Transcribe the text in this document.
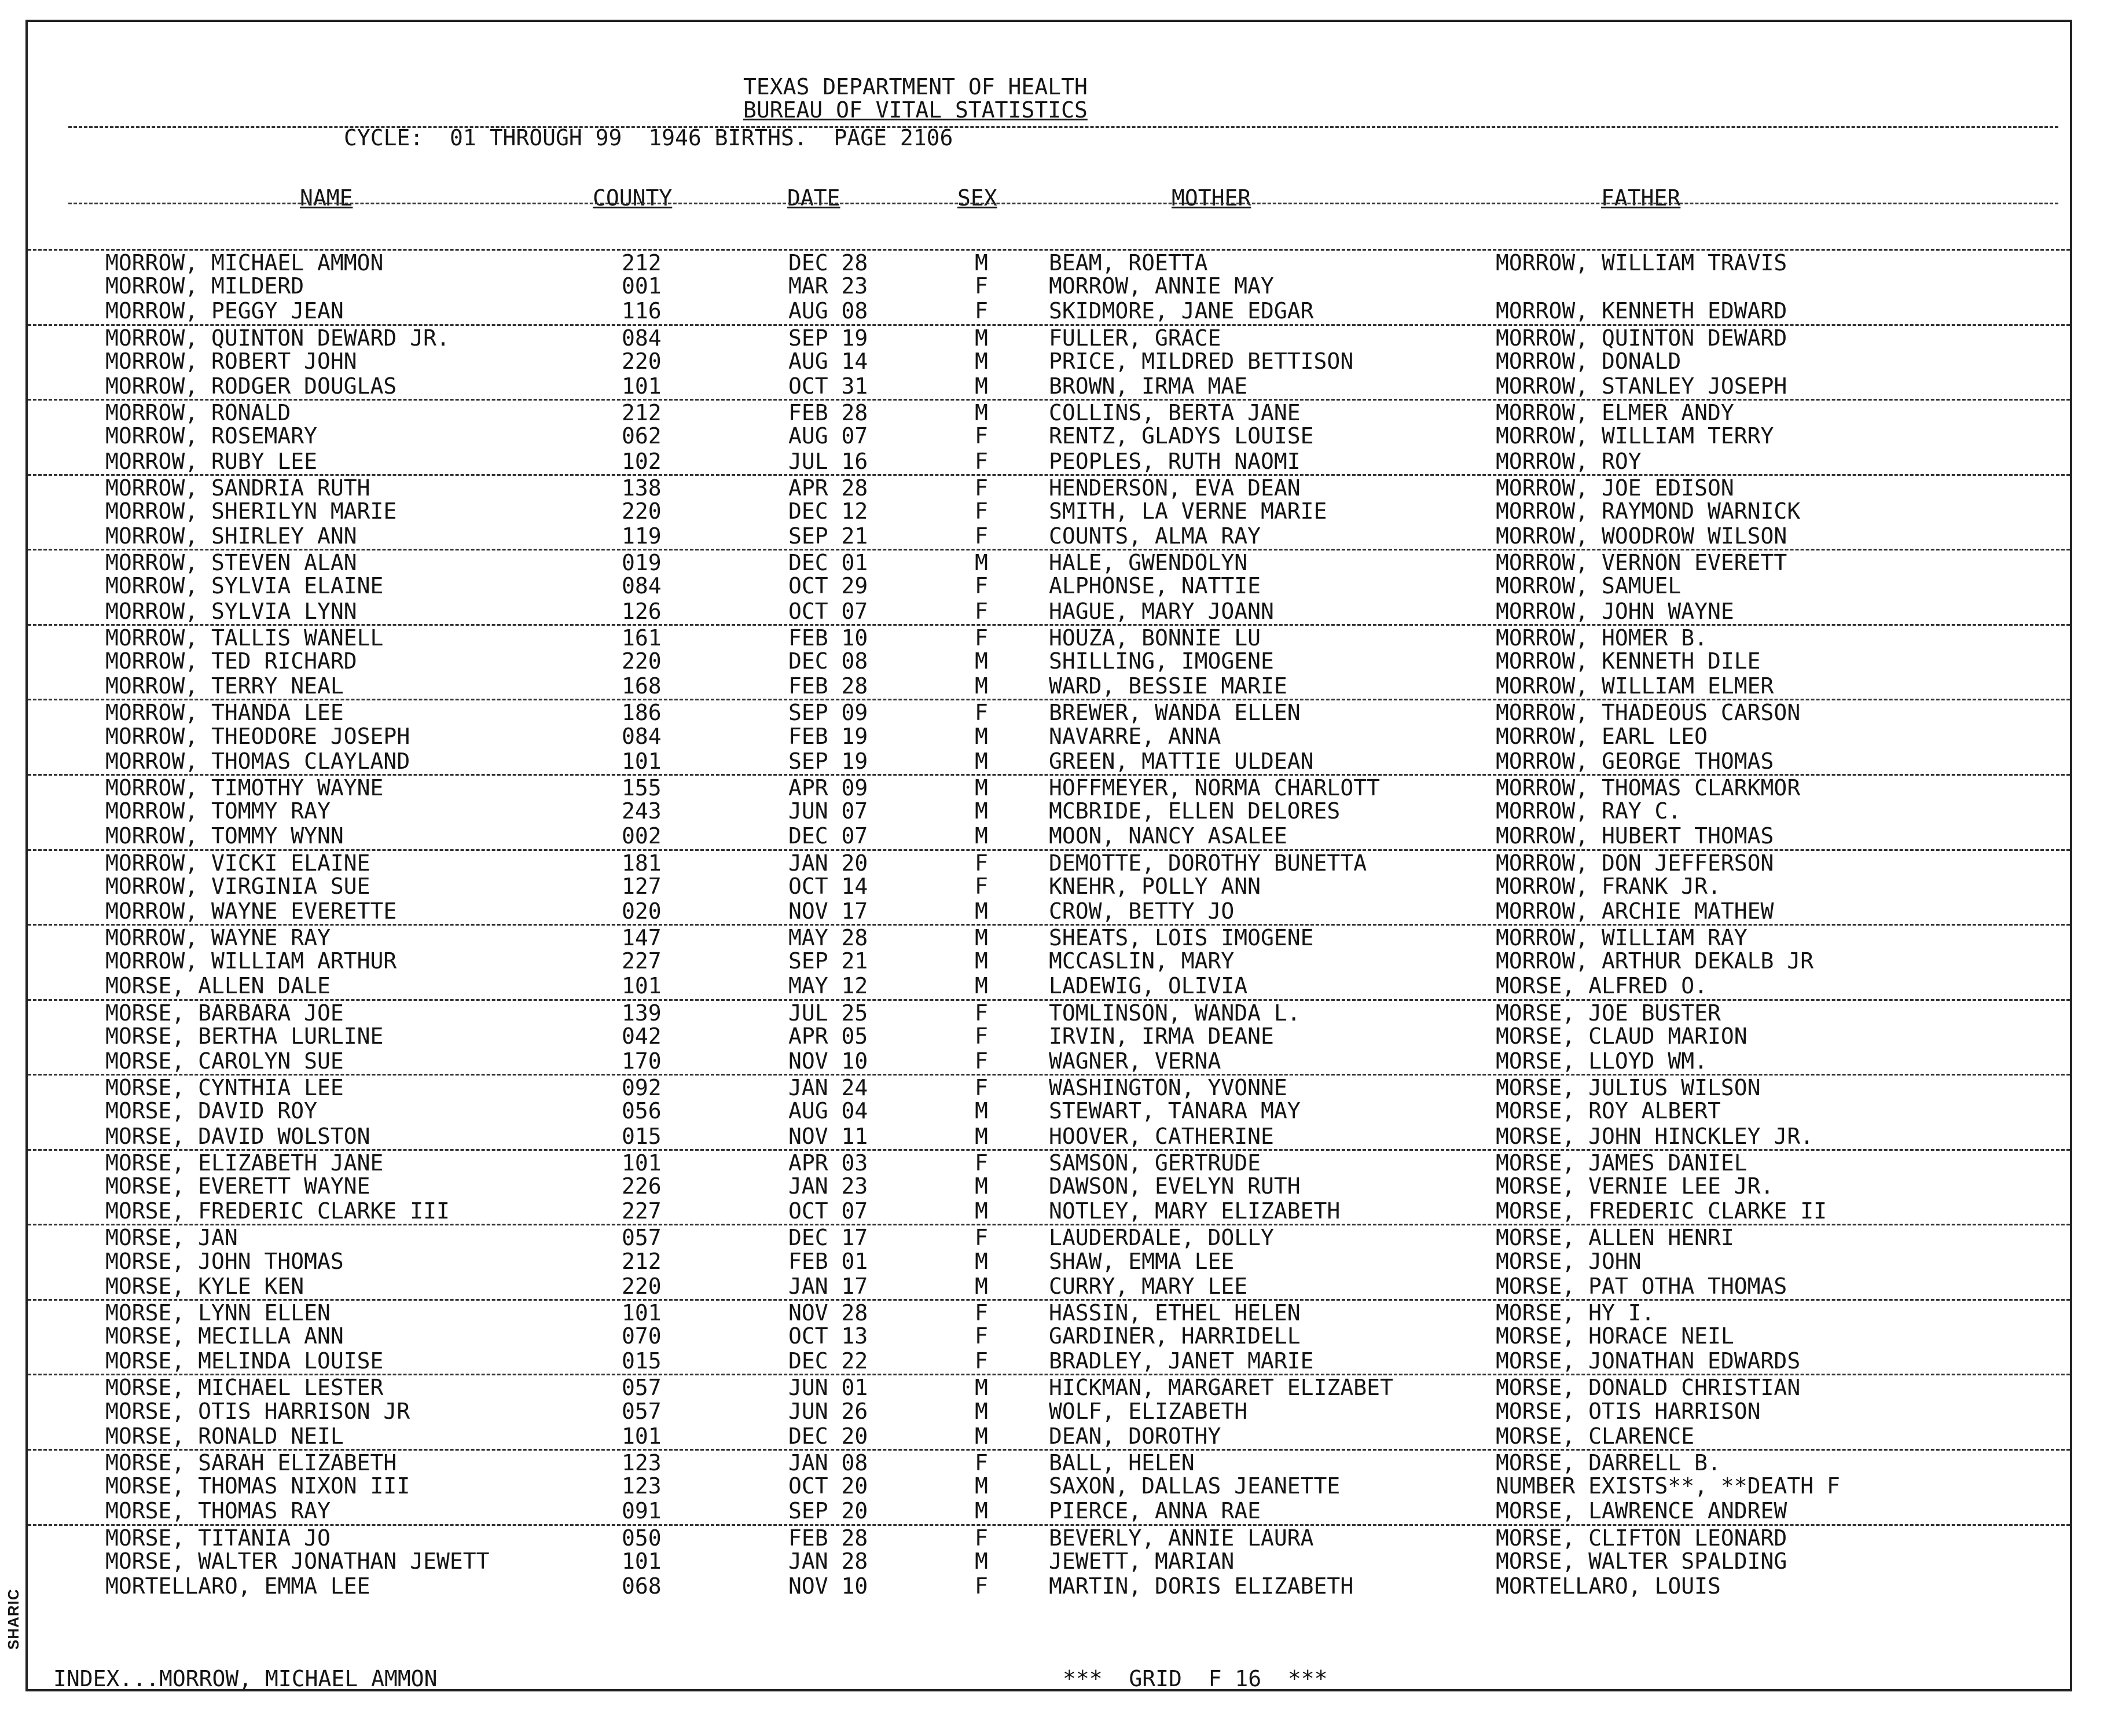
SHARIC
TEXAS DEPARTMENT OF HEALTH
BUREAU OF VITAL STATISTICS
CYCLE:  01 THROUGH 99  1946 BIRTHS.  PAGE 2106
NAME	COUNTY	DATE	SEX	MOTHER	FATHER
MORROW, MICHAEL AMMON	212	DEC 28	M	BEAM, ROETTA	MORROW, WILLIAM TRAVIS
MORROW, MILDERD	001	MAR 23	F	MORROW, ANNIE MAY
MORROW, PEGGY JEAN	116	AUG 08	F	SKIDMORE, JANE EDGAR	MORROW, KENNETH EDWARD
MORROW, QUINTON DEWARD JR.	084	SEP 19	M	FULLER, GRACE	MORROW, QUINTON DEWARD
MORROW, ROBERT JOHN	220	AUG 14	M	PRICE, MILDRED BETTISON	MORROW, DONALD
MORROW, RODGER DOUGLAS	101	OCT 31	M	BROWN, IRMA MAE	MORROW, STANLEY JOSEPH
MORROW, RONALD	212	FEB 28	M	COLLINS, BERTA JANE	MORROW, ELMER ANDY
MORROW, ROSEMARY	062	AUG 07	F	RENTZ, GLADYS LOUISE	MORROW, WILLIAM TERRY
MORROW, RUBY LEE	102	JUL 16	F	PEOPLES, RUTH NAOMI	MORROW, ROY
MORROW, SANDRIA RUTH	138	APR 28	F	HENDERSON, EVA DEAN	MORROW, JOE EDISON
MORROW, SHERILYN MARIE	220	DEC 12	F	SMITH, LA VERNE MARIE	MORROW, RAYMOND WARNICK
MORROW, SHIRLEY ANN	119	SEP 21	F	COUNTS, ALMA RAY	MORROW, WOODROW WILSON
MORROW, STEVEN ALAN	019	DEC 01	M	HALE, GWENDOLYN	MORROW, VERNON EVERETT
MORROW, SYLVIA ELAINE	084	OCT 29	F	ALPHONSE, NATTIE	MORROW, SAMUEL
MORROW, SYLVIA LYNN	126	OCT 07	F	HAGUE, MARY JOANN	MORROW, JOHN WAYNE
MORROW, TALLIS WANELL	161	FEB 10	F	HOUZA, BONNIE LU	MORROW, HOMER B.
MORROW, TED RICHARD	220	DEC 08	M	SHILLING, IMOGENE	MORROW, KENNETH DILE
MORROW, TERRY NEAL	168	FEB 28	M	WARD, BESSIE MARIE	MORROW, WILLIAM ELMER
MORROW, THANDA LEE	186	SEP 09	F	BREWER, WANDA ELLEN	MORROW, THADEOUS CARSON
MORROW, THEODORE JOSEPH	084	FEB 19	M	NAVARRE, ANNA	MORROW, EARL LEO
MORROW, THOMAS CLAYLAND	101	SEP 19	M	GREEN, MATTIE ULDEAN	MORROW, GEORGE THOMAS
MORROW, TIMOTHY WAYNE	155	APR 09	M	HOFFMEYER, NORMA CHARLOTT	MORROW, THOMAS CLARKMOR
MORROW, TOMMY RAY	243	JUN 07	M	MCBRIDE, ELLEN DELORES	MORROW, RAY C.
MORROW, TOMMY WYNN	002	DEC 07	M	MOON, NANCY ASALEE	MORROW, HUBERT THOMAS
MORROW, VICKI ELAINE	181	JAN 20	F	DEMOTTE, DOROTHY BUNETTA	MORROW, DON JEFFERSON
MORROW, VIRGINIA SUE	127	OCT 14	F	KNEHR, POLLY ANN	MORROW, FRANK JR.
MORROW, WAYNE EVERETTE	020	NOV 17	M	CROW, BETTY JO	MORROW, ARCHIE MATHEW
MORROW, WAYNE RAY	147	MAY 28	M	SHEATS, LOIS IMOGENE	MORROW, WILLIAM RAY
MORROW, WILLIAM ARTHUR	227	SEP 21	M	MCCASLIN, MARY	MORROW, ARTHUR DEKALB JR
MORSE, ALLEN DALE	101	MAY 12	M	LADEWIG, OLIVIA	MORSE, ALFRED O.
MORSE, BARBARA JOE	139	JUL 25	F	TOMLINSON, WANDA L.	MORSE, JOE BUSTER
MORSE, BERTHA LURLINE	042	APR 05	F	IRVIN, IRMA DEANE	MORSE, CLAUD MARION
MORSE, CAROLYN SUE	170	NOV 10	F	WAGNER, VERNA	MORSE, LLOYD WM.
MORSE, CYNTHIA LEE	092	JAN 24	F	WASHINGTON, YVONNE	MORSE, JULIUS WILSON
MORSE, DAVID ROY	056	AUG 04	M	STEWART, TANARA MAY	MORSE, ROY ALBERT
MORSE, DAVID WOLSTON	015	NOV 11	M	HOOVER, CATHERINE	MORSE, JOHN HINCKLEY JR.
MORSE, ELIZABETH JANE	101	APR 03	F	SAMSON, GERTRUDE	MORSE, JAMES DANIEL
MORSE, EVERETT WAYNE	226	JAN 23	M	DAWSON, EVELYN RUTH	MORSE, VERNIE LEE JR.
MORSE, FREDERIC CLARKE III	227	OCT 07	M	NOTLEY, MARY ELIZABETH	MORSE, FREDERIC CLARKE II
MORSE, JAN	057	DEC 17	F	LAUDERDALE, DOLLY	MORSE, ALLEN HENRI
MORSE, JOHN THOMAS	212	FEB 01	M	SHAW, EMMA LEE	MORSE, JOHN
MORSE, KYLE KEN	220	JAN 17	M	CURRY, MARY LEE	MORSE, PAT OTHA THOMAS
MORSE, LYNN ELLEN	101	NOV 28	F	HASSIN, ETHEL HELEN	MORSE, HY I.
MORSE, MECILLA ANN	070	OCT 13	F	GARDINER, HARRIDELL	MORSE, HORACE NEIL
MORSE, MELINDA LOUISE	015	DEC 22	F	BRADLEY, JANET MARIE	MORSE, JONATHAN EDWARDS
MORSE, MICHAEL LESTER	057	JUN 01	M	HICKMAN, MARGARET ELIZABET	MORSE, DONALD CHRISTIAN
MORSE, OTIS HARRISON JR	057	JUN 26	M	WOLF, ELIZABETH	MORSE, OTIS HARRISON
MORSE, RONALD NEIL	101	DEC 20	M	DEAN, DOROTHY	MORSE, CLARENCE
MORSE, SARAH ELIZABETH	123	JAN 08	F	BALL, HELEN	MORSE, DARRELL B.
MORSE, THOMAS NIXON III	123	OCT 20	M	SAXON, DALLAS JEANETTE	NUMBER EXISTS**, **DEATH F
MORSE, THOMAS RAY	091	SEP 20	M	PIERCE, ANNA RAE	MORSE, LAWRENCE ANDREW
MORSE, TITANIA JO	050	FEB 28	F	BEVERLY, ANNIE LAURA	MORSE, CLIFTON LEONARD
MORSE, WALTER JONATHAN JEWETT	101	JAN 28	M	JEWETT, MARIAN	MORSE, WALTER SPALDING
MORTELLARO, EMMA LEE	068	NOV 10	F	MARTIN, DORIS ELIZABETH	MORTELLARO, LOUIS
INDEX...MORROW, MICHAEL AMMON	***  GRID  F 16  ***
